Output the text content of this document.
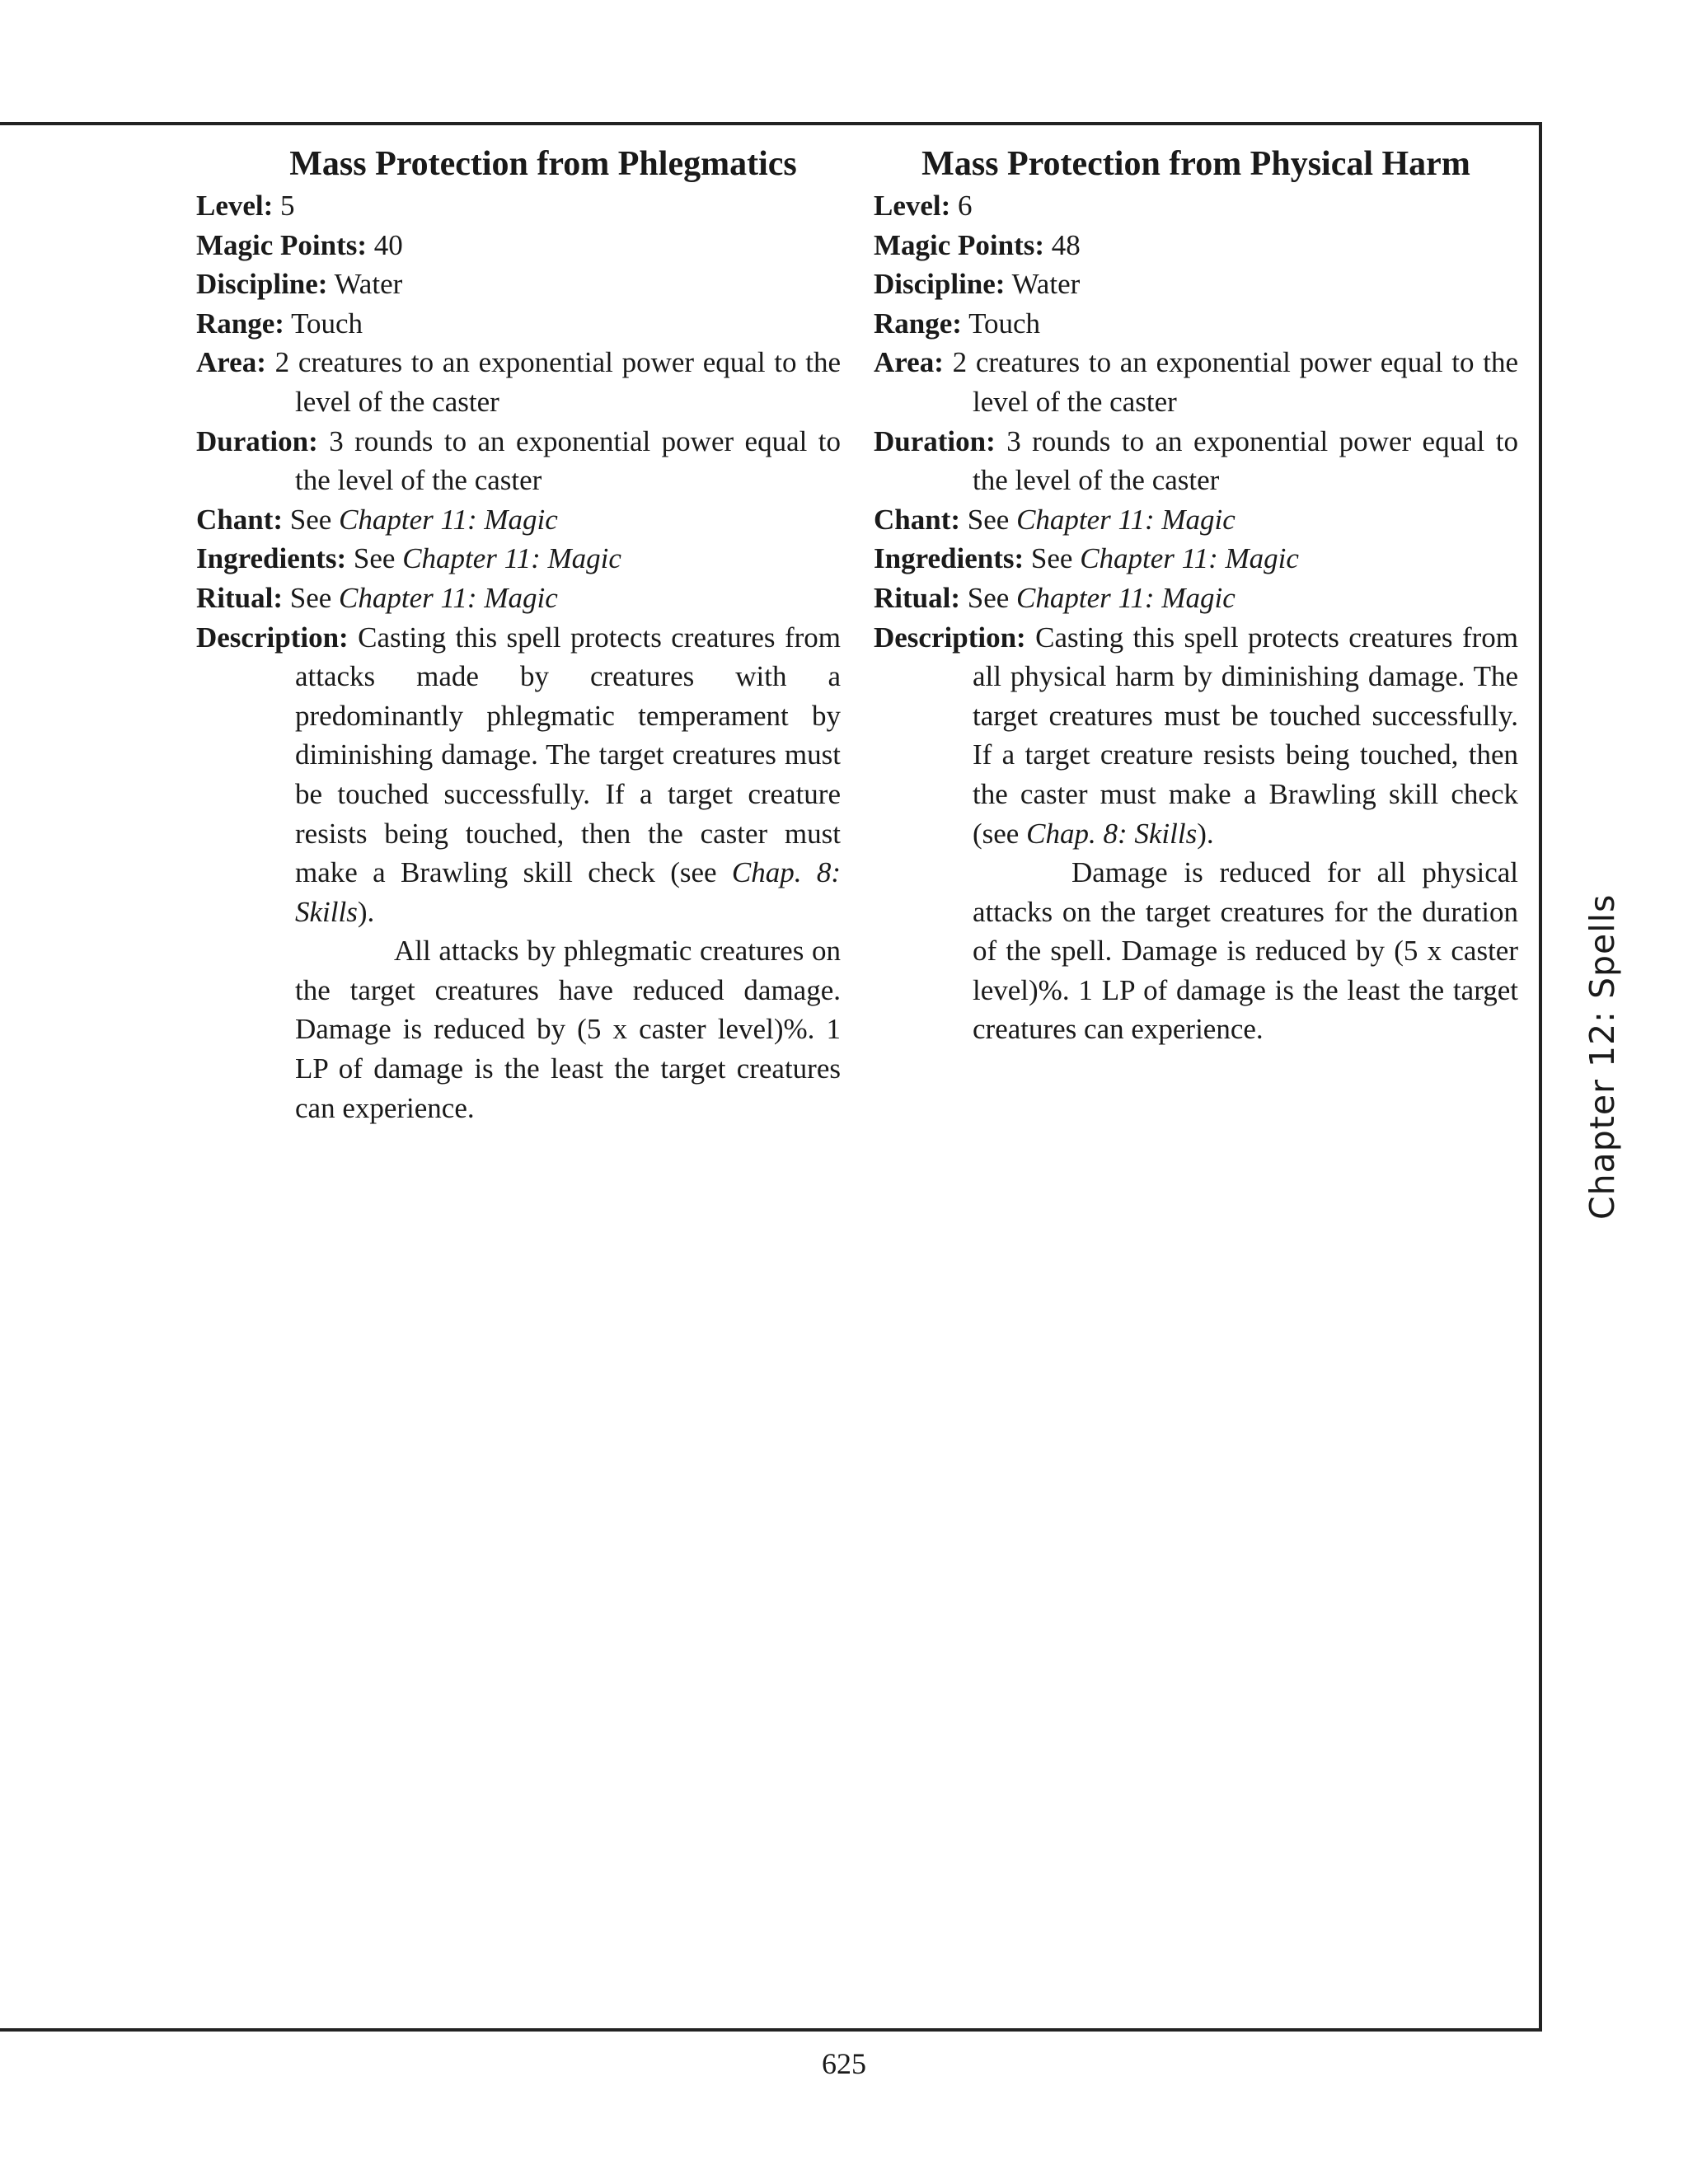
Mass Protection from Phlegmatics

Level: 5

Magic Points: 40

Discipline: Water

Range: Touch

Area: 2 creatures to an exponential power equal to the level of the caster

Duration: 3 rounds to an exponential power equal to the level of the caster

Chant: See Chapter 11: Magic

Ingredients: See Chapter 11: Magic

Ritual: See Chapter 11: Magic

Description: Casting this spell protects creatures from attacks made by creatures with a predominantly phlegmatic temperament by diminishing damage. The target creatures must be touched successfully. If a target creature resists being touched, then the caster must make a Brawling skill check (see Chap. 8: Skills).

All attacks by phlegmatic creatures on the target creatures have reduced damage. Damage is reduced by (5 x caster level)%. 1 LP of damage is the least the target creatures can experience.

Mass Protection from Physical Harm

Level: 6

Magic Points: 48

Discipline: Water

Range: Touch

Area: 2 creatures to an exponential power equal to the level of the caster

Duration: 3 rounds to an exponential power equal to the level of the caster

Chant: See Chapter 11: Magic

Ingredients: See Chapter 11: Magic

Ritual: See Chapter 11: Magic

Description: Casting this spell protects creatures from all physical harm by diminishing damage. The target creatures must be touched successfully. If a target creature resists being touched, then the caster must make a Brawling skill check (see Chap. 8: Skills).

Damage is reduced for all physical attacks on the target creatures for the duration of the spell. Damage is reduced by (5 x caster level)%. 1 LP of damage is the least the target creatures can experience.	Chapter 12: Spells
625
